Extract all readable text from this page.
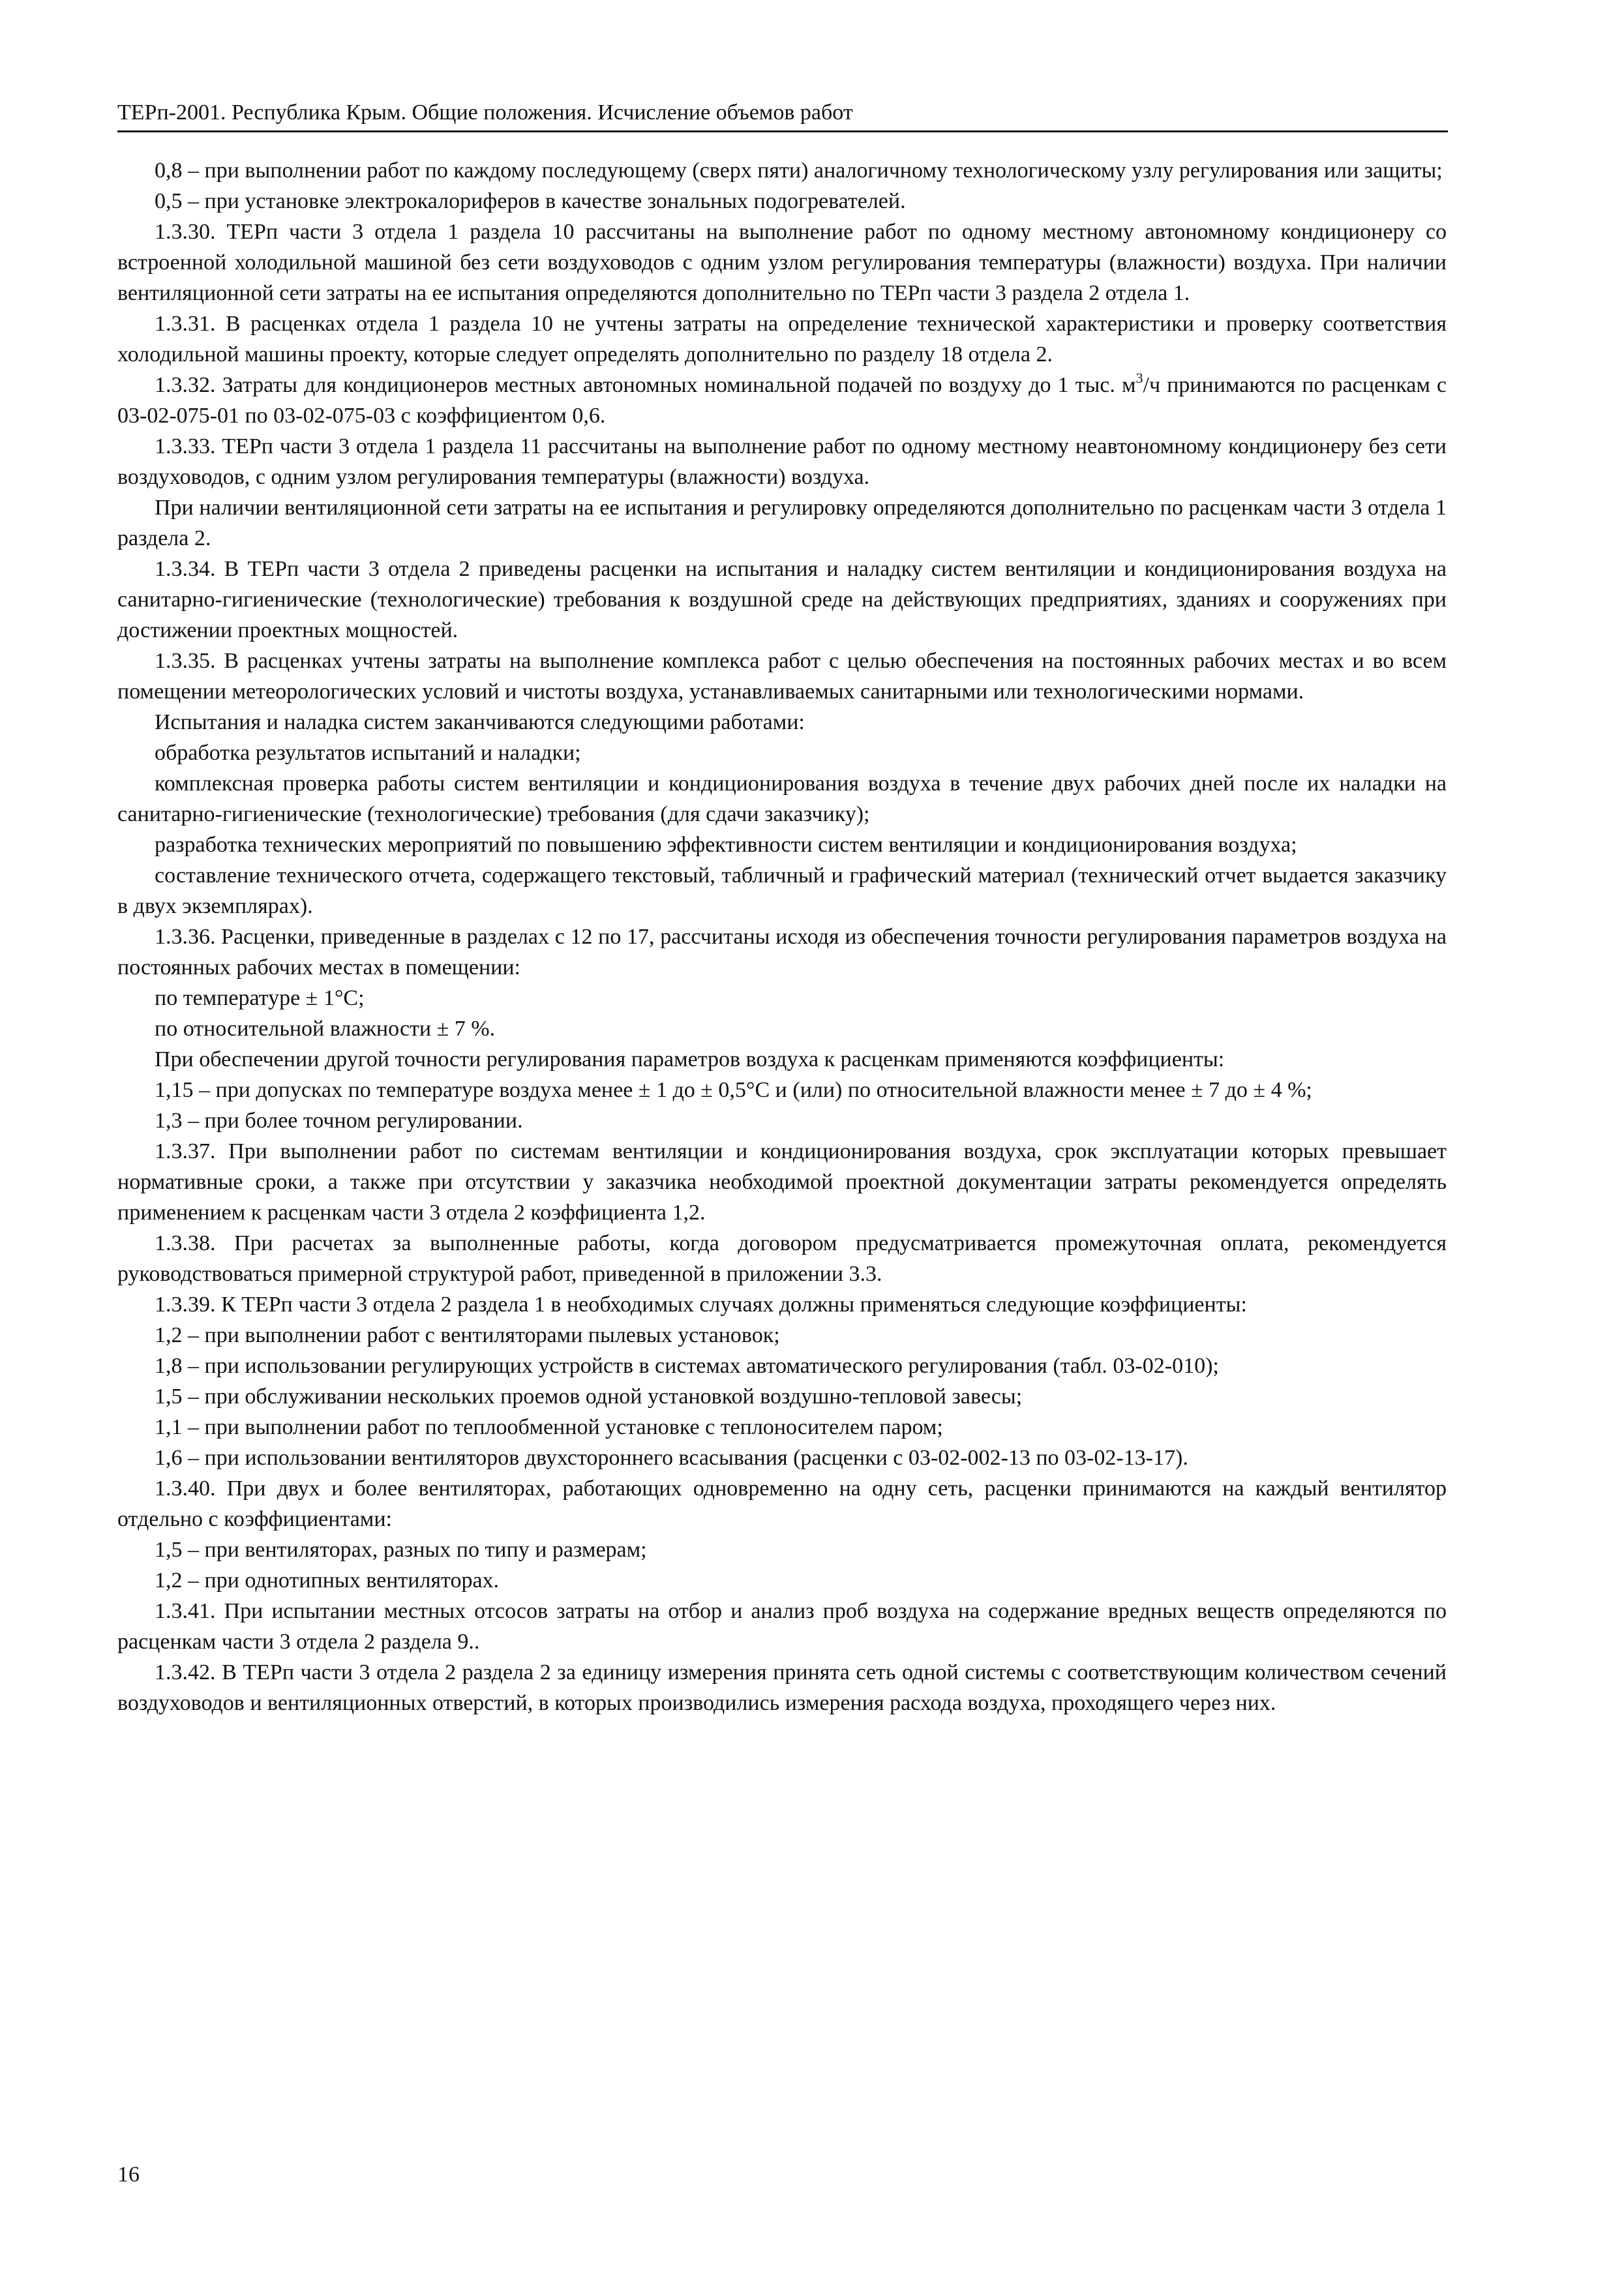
ТЕРп-2001. Республика Крым. Общие положения. Исчисление объемов работ

0,8 – при выполнении работ по каждому последующему (сверх пяти) аналогичному технологическому узлу регулирования или защиты;

0,5 – при установке электрокалориферов в качестве зональных подогревателей.

1.3.30. ТЕРп части 3 отдела 1 раздела 10 рассчитаны на выполнение работ по одному местному автономному кондиционеру со встроенной холодильной машиной без сети воздуховодов с одним узлом регулирования температуры (влажности) воздуха. При наличии вентиляционной сети затраты на ее испытания определяются дополнительно по ТЕРп части 3 раздела 2 отдела 1.

1.3.31. В расценках отдела 1 раздела 10 не учтены затраты на определение технической характеристики и проверку соответствия холодильной машины проекту, которые следует определять дополнительно по разделу 18 отдела 2.

1.3.32. Затраты для кондиционеров местных автономных номинальной подачей по воздуху до 1 тыс. $м^3/ч$ принимаются по расценкам с 03-02-075-01 по 03-02-075-03 с коэффициентом 0,6.

1.3.33. ТЕРп части 3 отдела 1 раздела 11 рассчитаны на выполнение работ по одному местному неавтономному кондиционеру без сети воздуховодов, с одним узлом регулирования температуры (влажности) воздуха.

При наличии вентиляционной сети затраты на ее испытания и регулировку определяются дополнительно по расценкам части 3 отдела 1 раздела 2.

1.3.34. В ТЕРп части 3 отдела 2 приведены расценки на испытания и наладку систем вентиляции и кондиционирования воздуха на санитарно-гигиенические (технологические) требования к воздушной среде на действующих предприятиях, зданиях и сооружениях при достижении проектных мощностей.

1.3.35. В расценках учтены затраты на выполнение комплекса работ с целью обеспечения на постоянных рабочих местах и во всем помещении метеорологических условий и чистоты воздуха, устанавливаемых санитарными или технологическими нормами.

Испытания и наладка систем заканчиваются следующими работами:

обработка результатов испытаний и наладки;

комплексная проверка работы систем вентиляции и кондиционирования воздуха в течение двух рабочих дней после их наладки на санитарно-гигиенические (технологические) требования (для сдачи заказчику);

разработка технических мероприятий по повышению эффективности систем вентиляции и кондиционирования воздуха;

составление технического отчета, содержащего текстовый, табличный и графический материал (технический отчет выдается заказчику в двух экземплярах).

1.3.36. Расценки, приведенные в разделах с 12 по 17, рассчитаны исходя из обеспечения точности регулирования параметров воздуха на постоянных рабочих местах в помещении:

по температуре ± 1°С;

по относительной влажности ± 7 %.

При обеспечении другой точности регулирования параметров воздуха к расценкам применяются коэффициенты:

1,15 – при допусках по температуре воздуха менее ± 1 до ± 0,5°С и (или) по относительной влажности менее ± 7 до ± 4 %;

1,3 – при более точном регулировании.

1.3.37. При выполнении работ по системам вентиляции и кондиционирования воздуха, срок эксплуатации которых превышает нормативные сроки, а также при отсутствии у заказчика необходимой проектной документации затраты рекомендуется определять применением к расценкам части 3 отдела 2 коэффициента 1,2.

1.3.38. При расчетах за выполненные работы, когда договором предусматривается промежуточная оплата, рекомендуется руководствоваться примерной структурой работ, приведенной в приложении 3.3.

1.3.39. К ТЕРп части 3 отдела 2 раздела 1 в необходимых случаях должны применяться следующие коэффициенты:

1,2 – при выполнении работ с вентиляторами пылевых установок;

1,8 – при использовании регулирующих устройств в системах автоматического регулирования (табл. 03-02-010);

1,5 – при обслуживании нескольких проемов одной установкой воздушно-тепловой завесы;

1,1 – при выполнении работ по теплообменной установке с теплоносителем паром;

1,6 – при использовании вентиляторов двухстороннего всасывания (расценки с 03-02-002-13 по 03-02-13-17).

1.3.40. При двух и более вентиляторах, работающих одновременно на одну сеть, расценки принимаются на каждый вентилятор отдельно с коэффициентами:

1,5 – при вентиляторах, разных по типу и размерам;

1,2 – при однотипных вентиляторах.

1.3.41. При испытании местных отсосов затраты на отбор и анализ проб воздуха на содержание вредных веществ определяются по расценкам части 3 отдела 2 раздела 9..

1.3.42. В ТЕРп части 3 отдела 2 раздела 2 за единицу измерения принята сеть одной системы с соответствующим количеством сечений воздуховодов и вентиляционных отверстий, в которых производились измерения расхода воздуха, проходящего через них.

16
